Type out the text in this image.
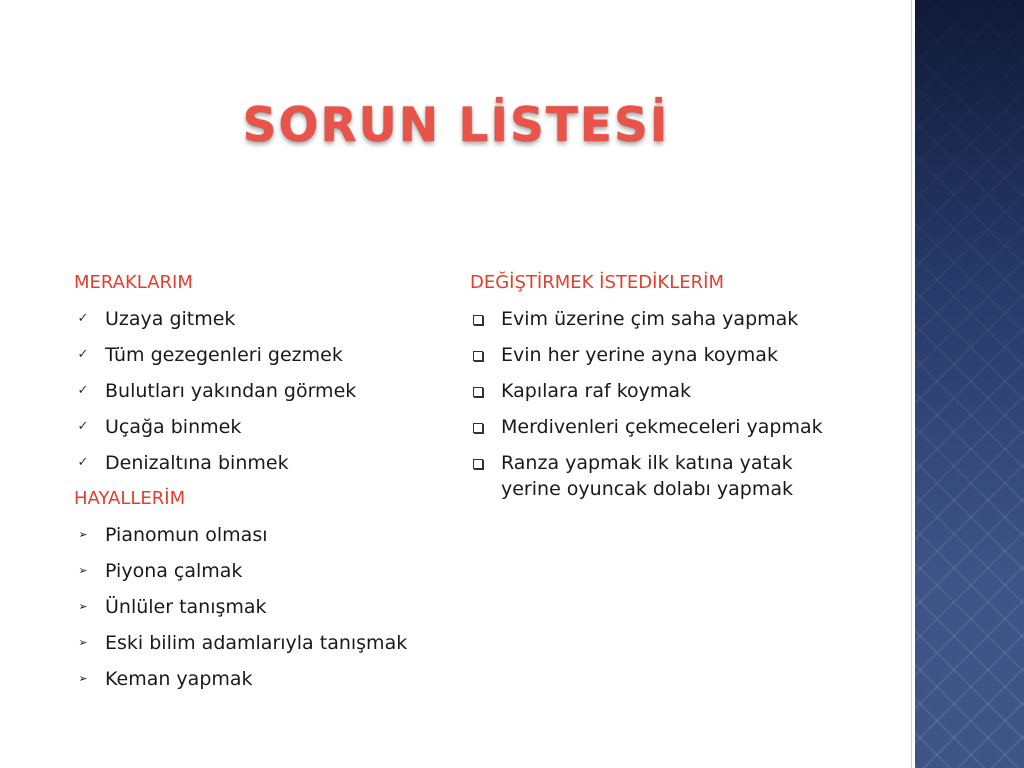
SORUN LİSTESİ
MERAKLARIM
✓ Uzaya gitmek
✓ Tüm gezegenleri gezmek
✓ Bulutları yakından görmek
✓ Uçağa binmek
✓ Denizaltına binmek
HAYALLERİM
➢ Pianomun olması
➢ Piyona çalmak
➢ Ünlüler tanışmak
➢ Eski bilim adamlarıyla tanışmak
➢ Keman yapmak
DEĞİŞTİRMEK İSTEDİKLERİM
Evim üzerine çim saha yapmak
Evin her yerine ayna koymak
Kapılara raf koymak
Merdivenleri çekmeceleri yapmak
Ranza yapmak ilk katına yatak yerine oyuncak dolabı yapmak
